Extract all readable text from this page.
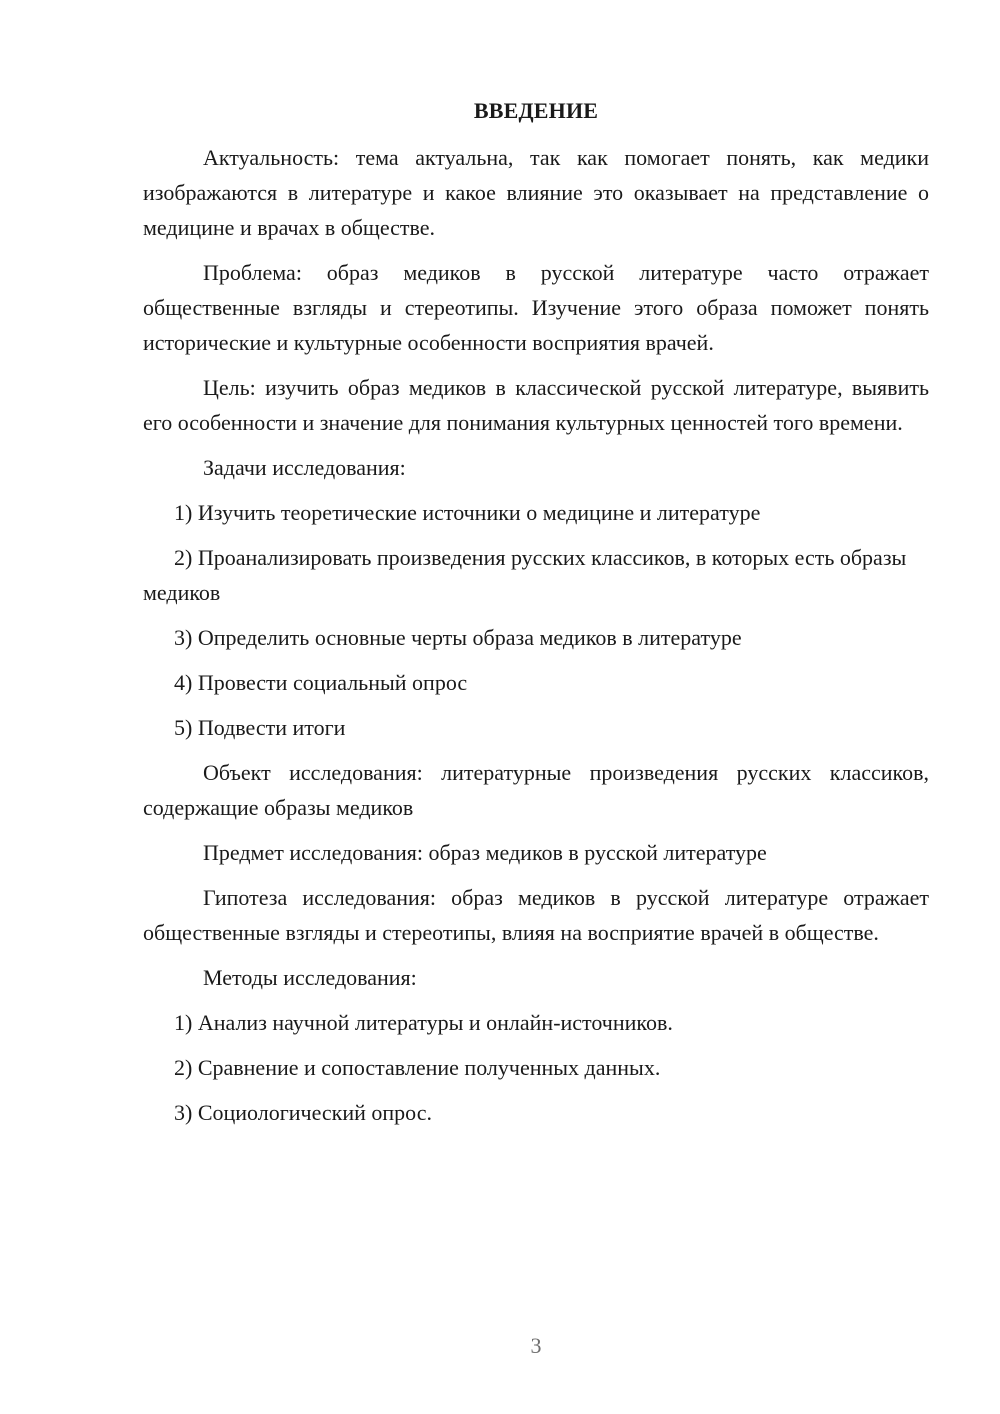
ВВЕДЕНИЕ

Актуальность: тема актуальна, так как помогает понять, как медики изображаются в литературе и какое влияние это оказывает на представление о медицине и врачах в обществе.

Проблема: образ медиков в русской литературе часто отражает общественные взгляды и стереотипы. Изучение этого образа поможет понять исторические и культурные особенности восприятия врачей.

Цель: изучить образ медиков в классической русской литературе, выявить его особенности и значение для понимания культурных ценностей того времени.

Задачи исследования:

1) Изучить теоретические источники о медицине и литературе

2) Проанализировать произведения русских классиков, в которых есть образы медиков

3) Определить основные черты образа медиков в литературе

4) Провести социальный опрос

5) Подвести итоги

Объект исследования: литературные произведения русских классиков, содержащие образы медиков

Предмет исследования: образ медиков в русской литературе

Гипотеза исследования: образ медиков в русской литературе отражает общественные взгляды и стереотипы, влияя на восприятие врачей в обществе.

Методы исследования:

1) Анализ научной литературы и онлайн-источников.

2) Сравнение и сопоставление полученных данных.

3) Социологический опрос.

3
